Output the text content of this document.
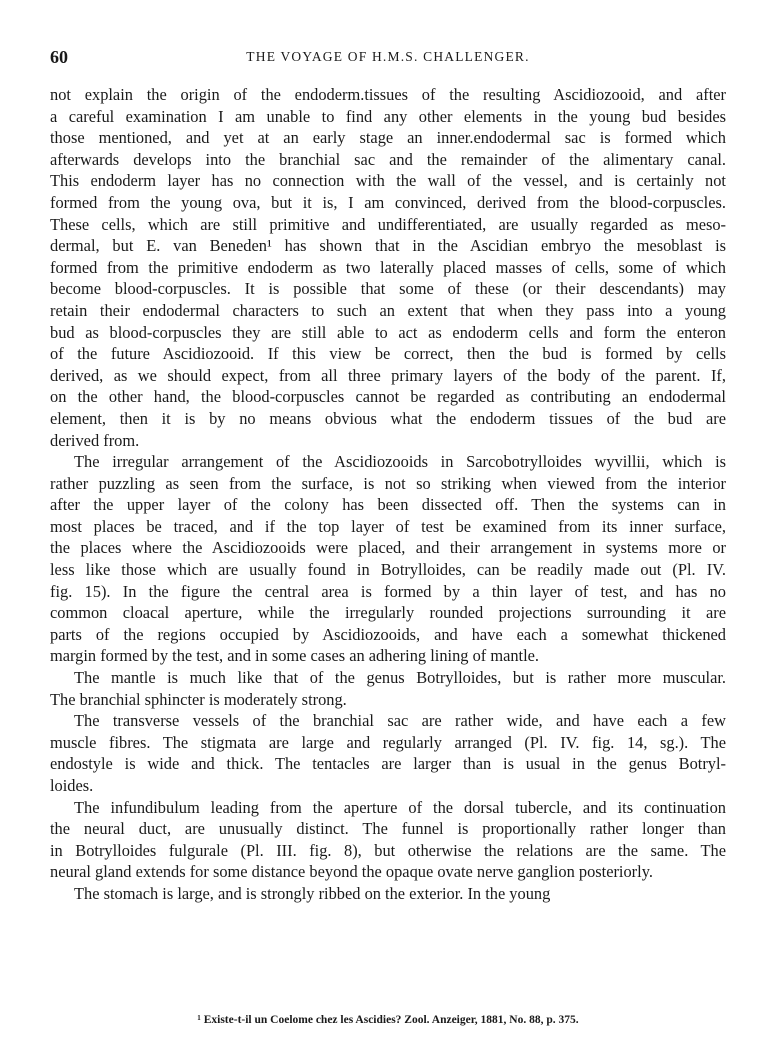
60	THE VOYAGE OF H.M.S. CHALLENGER.
not explain the origin of the endoderm.tissues of the resulting Ascidiozooid, and after
a careful examination I am unable to find any other elements in the young bud besides
those mentioned, and yet at an early stage an inner.endodermal sac is formed which
afterwards develops into the branchial sac and the remainder of the alimentary canal.
This endoderm layer has no connection with the wall of the vessel, and is certainly not
formed from the young ova, but it is, I am convinced, derived from the blood-corpuscles.
These cells, which are still primitive and undifferentiated, are usually regarded as meso-
dermal, but E. van Beneden¹ has shown that in the Ascidian embryo the mesoblast is
formed from the primitive endoderm as two laterally placed masses of cells, some of which
become blood-corpuscles. It is possible that some of these (or their descendants) may
retain their endodermal characters to such an extent that when they pass into a young
bud as blood-corpuscles they are still able to act as endoderm cells and form the enteron
of the future Ascidiozooid. If this view be correct, then the bud is formed by cells
derived, as we should expect, from all three primary layers of the body of the parent. If,
on the other hand, the blood-corpuscles cannot be regarded as contributing an endodermal
element, then it is by no means obvious what the endoderm tissues of the bud are
derived from.
The irregular arrangement of the Ascidiozooids in Sarcobotrylloides wyvillii, which is
rather puzzling as seen from the surface, is not so striking when viewed from the interior
after the upper layer of the colony has been dissected off. Then the systems can in
most places be traced, and if the top layer of test be examined from its inner surface,
the places where the Ascidiozooids were placed, and their arrangement in systems more or
less like those which are usually found in Botrylloides, can be readily made out (Pl. IV.
fig. 15). In the figure the central area is formed by a thin layer of test, and has no
common cloacal aperture, while the irregularly rounded projections surrounding it are
parts of the regions occupied by Ascidiozooids, and have each a somewhat thickened
margin formed by the test, and in some cases an adhering lining of mantle.
The mantle is much like that of the genus Botrylloides, but is rather more muscular.
The branchial sphincter is moderately strong.
The transverse vessels of the branchial sac are rather wide, and have each a few
muscle fibres. The stigmata are large and regularly arranged (Pl. IV. fig. 14, sg.). The
endostyle is wide and thick. The tentacles are larger than is usual in the genus Botryl-
loides.
The infundibulum leading from the aperture of the dorsal tubercle, and its continuation
the neural duct, are unusually distinct. The funnel is proportionally rather longer than
in Botrylloides fulgurale (Pl. III. fig. 8), but otherwise the relations are the same. The
neural gland extends for some distance beyond the opaque ovate nerve ganglion posteriorly.
The stomach is large, and is strongly ribbed on the exterior. In the young
¹ Existe-t-il un Coelome chez les Ascidies? Zool. Anzeiger, 1881, No. 88, p. 375.
